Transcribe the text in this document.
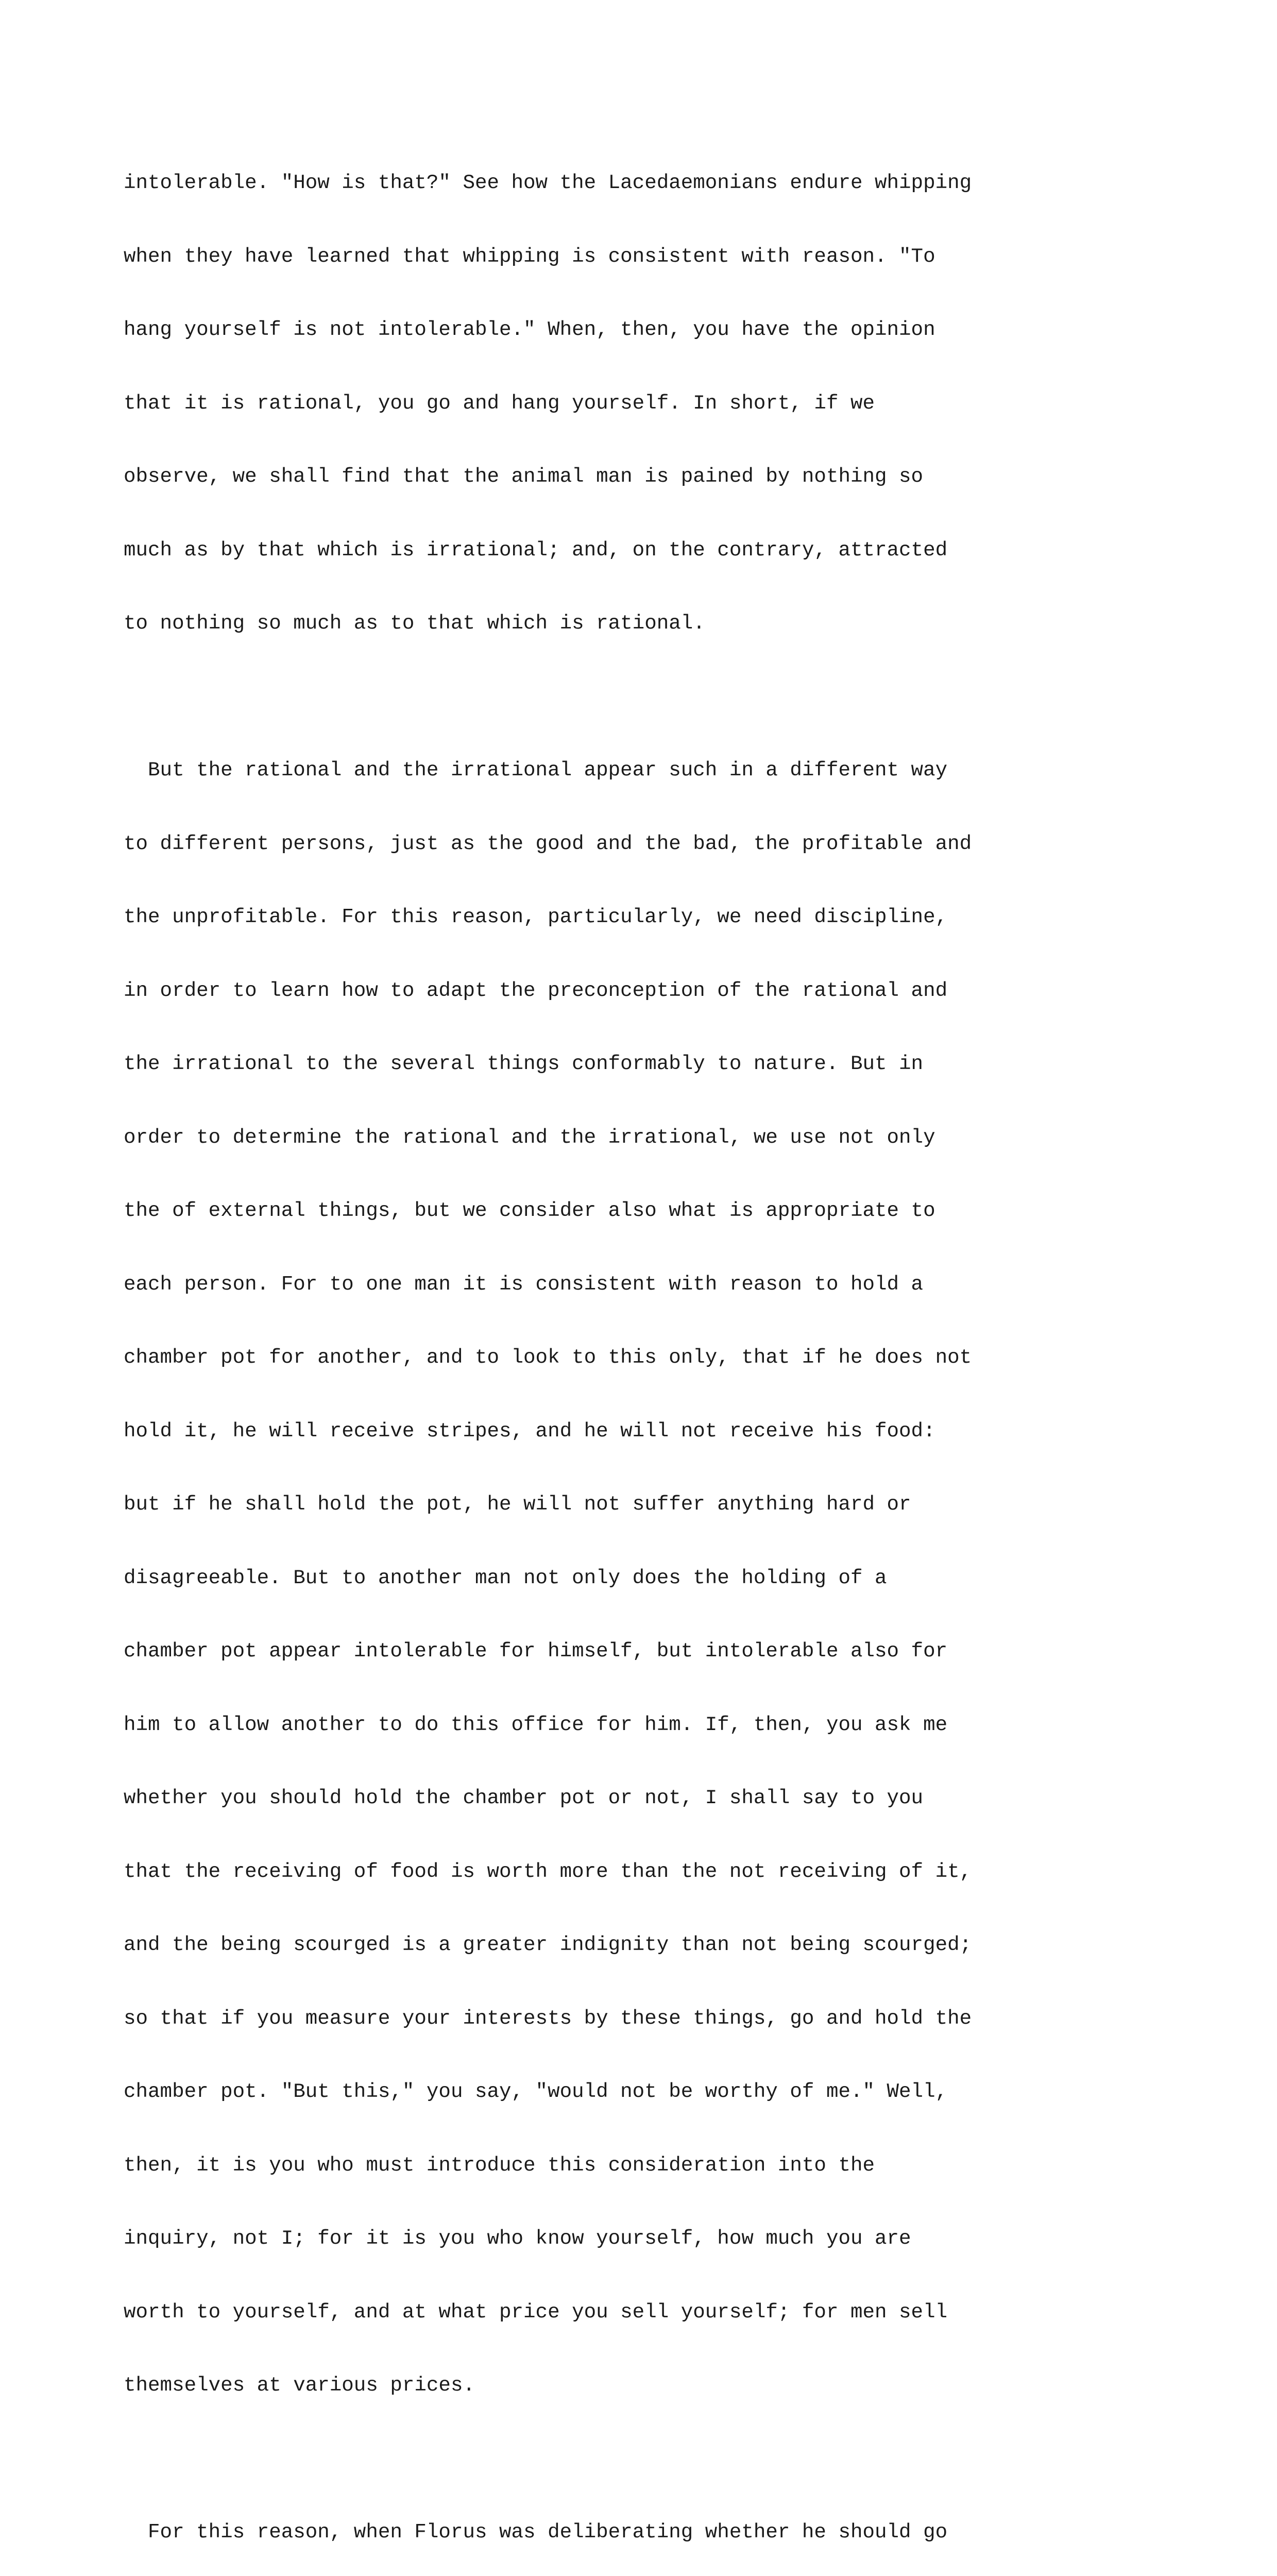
intolerable. "How is that?" See how the Lacedaemonians endure whipping

when they have learned that whipping is consistent with reason. "To

hang yourself is not intolerable." When, then, you have the opinion

that it is rational, you go and hang yourself. In short, if we

observe, we shall find that the animal man is pained by nothing so

much as by that which is irrational; and, on the contrary, attracted

to nothing so much as to that which is rational.

But the rational and the irrational appear such in a different way

to different persons, just as the good and the bad, the profitable and

the unprofitable. For this reason, particularly, we need discipline,

in order to learn how to adapt the preconception of the rational and

the irrational to the several things conformably to nature. But in

order to determine the rational and the irrational, we use not only

the of external things, but we consider also what is appropriate to

each person. For to one man it is consistent with reason to hold a

chamber pot for another, and to look to this only, that if he does not

hold it, he will receive stripes, and he will not receive his food:

but if he shall hold the pot, he will not suffer anything hard or

disagreeable. But to another man not only does the holding of a

chamber pot appear intolerable for himself, but intolerable also for

him to allow another to do this office for him. If, then, you ask me

whether you should hold the chamber pot or not, I shall say to you

that the receiving of food is worth more than the not receiving of it,

and the being scourged is a greater indignity than not being scourged;

so that if you measure your interests by these things, go and hold the

chamber pot. "But this," you say, "would not be worthy of me." Well,

then, it is you who must introduce this consideration into the

inquiry, not I; for it is you who know yourself, how much you are

worth to yourself, and at what price you sell yourself; for men sell

themselves at various prices.

For this reason, when Florus was deliberating whether he should go
